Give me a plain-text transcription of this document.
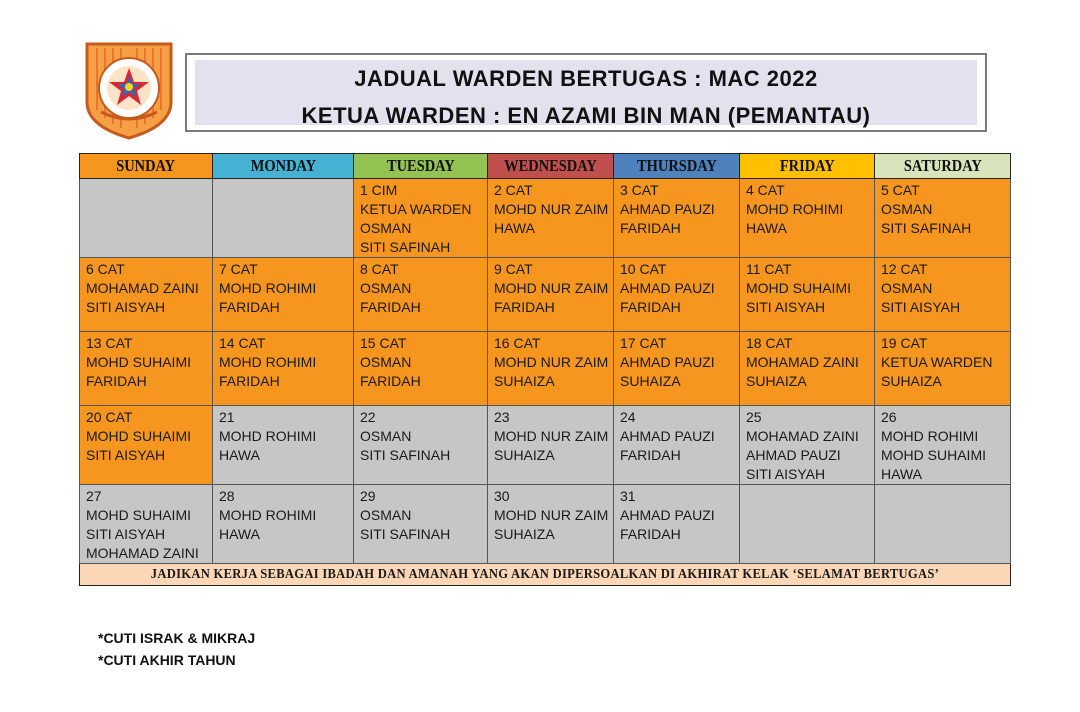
JADUAL WARDEN BERTUGAS : MAC 2022
KETUA WARDEN : EN AZAMI BIN MAN (PEMANTAU)
SUNDAY	MONDAY	TUESDAY	WEDNESDAY	THURSDAY	FRIDAY	SATURDAY

		1 CIM
KETUA WARDEN
OSMAN
SITI SAFINAH	2 CAT
MOHD NUR ZAIM
HAWA	3 CAT
AHMAD PAUZI
FARIDAH	4 CAT
MOHD ROHIMI
HAWA	5 CAT
OSMAN
SITI SAFINAH

6 CAT
MOHAMAD ZAINI
SITI AISYAH	7 CAT
MOHD ROHIMI
FARIDAH	8 CAT
OSMAN
FARIDAH	9 CAT
MOHD NUR ZAIM
FARIDAH	10 CAT
AHMAD PAUZI
FARIDAH	11 CAT
MOHD SUHAIMI
SITI AISYAH	12 CAT
OSMAN
SITI AISYAH

13 CAT
MOHD SUHAIMI
FARIDAH	14 CAT
MOHD ROHIMI
FARIDAH	15 CAT
OSMAN
FARIDAH	16 CAT
MOHD NUR ZAIM
SUHAIZA	17 CAT
AHMAD PAUZI
SUHAIZA	18 CAT
MOHAMAD ZAINI
SUHAIZA	19 CAT
KETUA WARDEN
SUHAIZA

20 CAT
MOHD SUHAIMI
SITI AISYAH	21
MOHD ROHIMI
HAWA	22
OSMAN
SITI SAFINAH	23
MOHD NUR ZAIM
SUHAIZA	24
AHMAD PAUZI
FARIDAH	25
MOHAMAD ZAINI
AHMAD PAUZI
SITI AISYAH	26
MOHD ROHIMI
MOHD SUHAIMI
HAWA

27
MOHD SUHAIMI
SITI AISYAH
MOHAMAD ZAINI	28
MOHD ROHIMI
HAWA	29
OSMAN
SITI SAFINAH	30
MOHD NUR ZAIM
SUHAIZA	31
AHMAD PAUZI
FARIDAH		

JADIKAN KERJA SEBAGAI IBADAH DAN AMANAH YANG AKAN DIPERSOALKAN DI AKHIRAT KELAK ‘SELAMAT BERTUGAS’						
*CUTI ISRAK & MIKRAJ
*CUTI AKHIR TAHUN
